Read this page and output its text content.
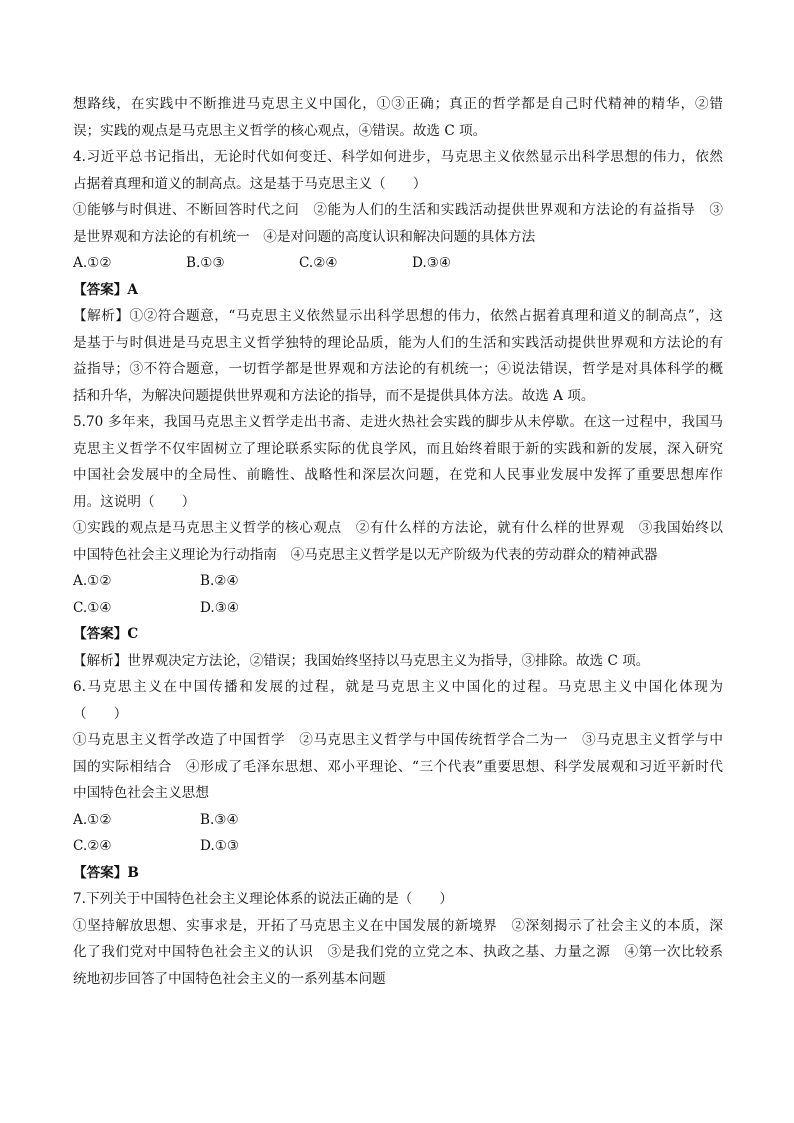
想路线，在实践中不断推进马克思主义中国化，①③正确；真正的哲学都是自己时代精神的精华，②错
误；实践的观点是马克思主义哲学的核心观点，④错误。故选 C 项。
4.习近平总书记指出，无论时代如何变迁、科学如何进步，马克思主义依然显示出科学思想的伟力，依然
占据着真理和道义的制高点。这是基于马克思主义（　　）
①能够与时俱进、不断回答时代之问　②能为人们的生活和实践活动提供世界观和方法论的有益指导　③
是世界观和方法论的有机统一　④是对问题的高度认识和解决问题的具体方法
A.①②	B.①③	C.②④	D.③④
【答案】A
【解析】①②符合题意，“马克思主义依然显示出科学思想的伟力，依然占据着真理和道义的制高点”，这
是基于与时俱进是马克思主义哲学独特的理论品质，能为人们的生活和实践活动提供世界观和方法论的有
益指导；③不符合题意，一切哲学都是世界观和方法论的有机统一；④说法错误，哲学是对具体科学的概
括和升华，为解决问题提供世界观和方法论的指导，而不是提供具体方法。故选 A 项。
5.70 多年来，我国马克思主义哲学走出书斋、走进火热社会实践的脚步从未停歇。在这一过程中，我国马
克思主义哲学不仅牢固树立了理论联系实际的优良学风，而且始终着眼于新的实践和新的发展，深入研究
中国社会发展中的全局性、前瞻性、战略性和深层次问题，在党和人民事业发展中发挥了重要思想库作
用。这说明（　　）
①实践的观点是马克思主义哲学的核心观点　②有什么样的方法论，就有什么样的世界观　③我国始终以
中国特色社会主义理论为行动指南　④马克思主义哲学是以无产阶级为代表的劳动群众的精神武器
A.①②	B.②④
C.①④	D.③④
【答案】C
【解析】世界观决定方法论，②错误；我国始终坚持以马克思主义为指导，③排除。故选 C 项。
6.马克思主义在中国传播和发展的过程，就是马克思主义中国化的过程。马克思主义中国化体现为
（　　）
①马克思主义哲学改造了中国哲学　②马克思主义哲学与中国传统哲学合二为一　③马克思主义哲学与中
国的实际相结合　④形成了毛泽东思想、邓小平理论、“三个代表”重要思想、科学发展观和习近平新时代
中国特色社会主义思想
A.①②	B.③④
C.②④	D.①③
【答案】B
7.下列关于中国特色社会主义理论体系的说法正确的是（　　）
①坚持解放思想、实事求是，开拓了马克思主义在中国发展的新境界　②深刻揭示了社会主义的本质，深
化了我们党对中国特色社会主义的认识　③是我们党的立党之本、执政之基、力量之源　④第一次比较系
统地初步回答了中国特色社会主义的一系列基本问题
